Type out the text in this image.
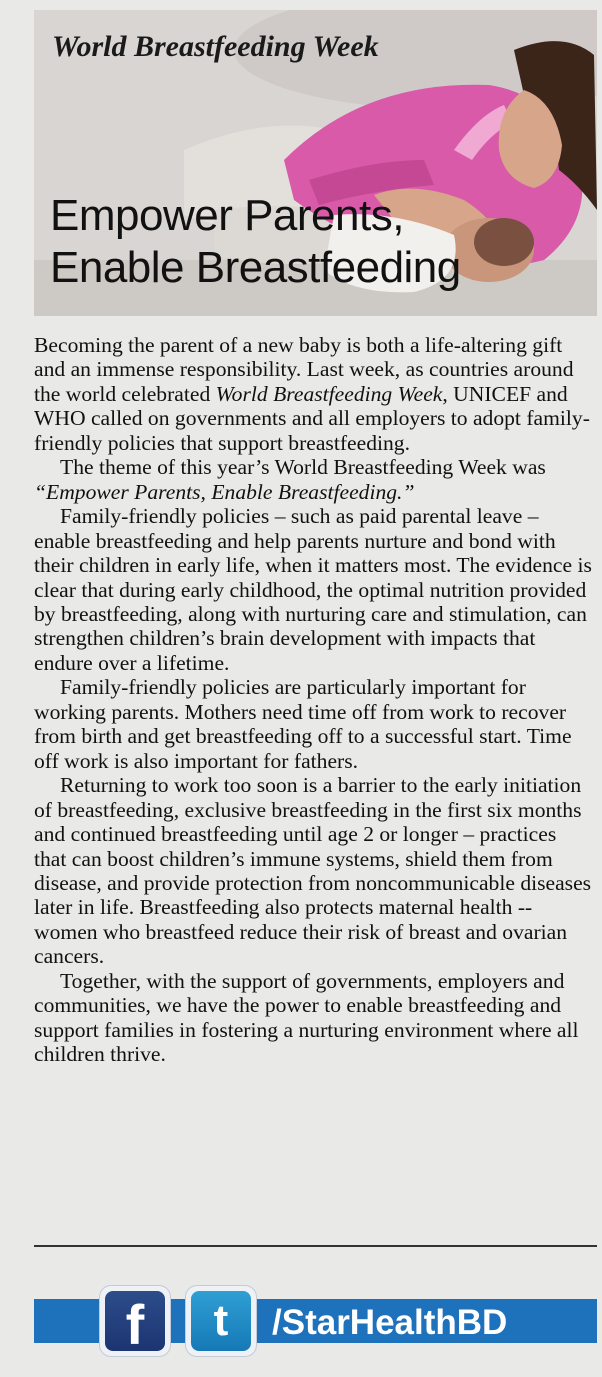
World Breastfeeding Week
Empower Parents,
Enable Breastfeeding

Becoming the parent of a new baby is both a life-altering gift and an immense responsibility. Last week, as countries around the world celebrated World Breastfeeding Week, UNICEF and WHO called on governments and all employers to adopt family-friendly policies that support breastfeeding.

The theme of this year’s World Breastfeeding Week was “Empower Parents, Enable Breastfeeding.”

Family-friendly policies – such as paid parental leave – enable breastfeeding and help parents nurture and bond with their children in early life, when it matters most. The evidence is clear that during early childhood, the optimal nutrition provided by breastfeeding, along with nurturing care and stimulation, can strengthen children’s brain development with impacts that endure over a lifetime.

Family-friendly policies are particularly important for working parents. Mothers need time off from work to recover from birth and get breastfeeding off to a successful start. Time off work is also important for fathers.

Returning to work too soon is a barrier to the early initiation of breastfeeding, exclusive breastfeeding in the first six months and continued breastfeeding until age 2 or longer – practices that can boost children’s immune systems, shield them from disease, and provide protection from noncommunicable diseases later in life. Breastfeeding also protects maternal health -- women who breastfeed reduce their risk of breast and ovarian cancers.

Together, with the support of governments, employers and communities, we have the power to enable breastfeeding and support families in fostering a nurturing environment where all children thrive.

/StarHealthBD
f	t
